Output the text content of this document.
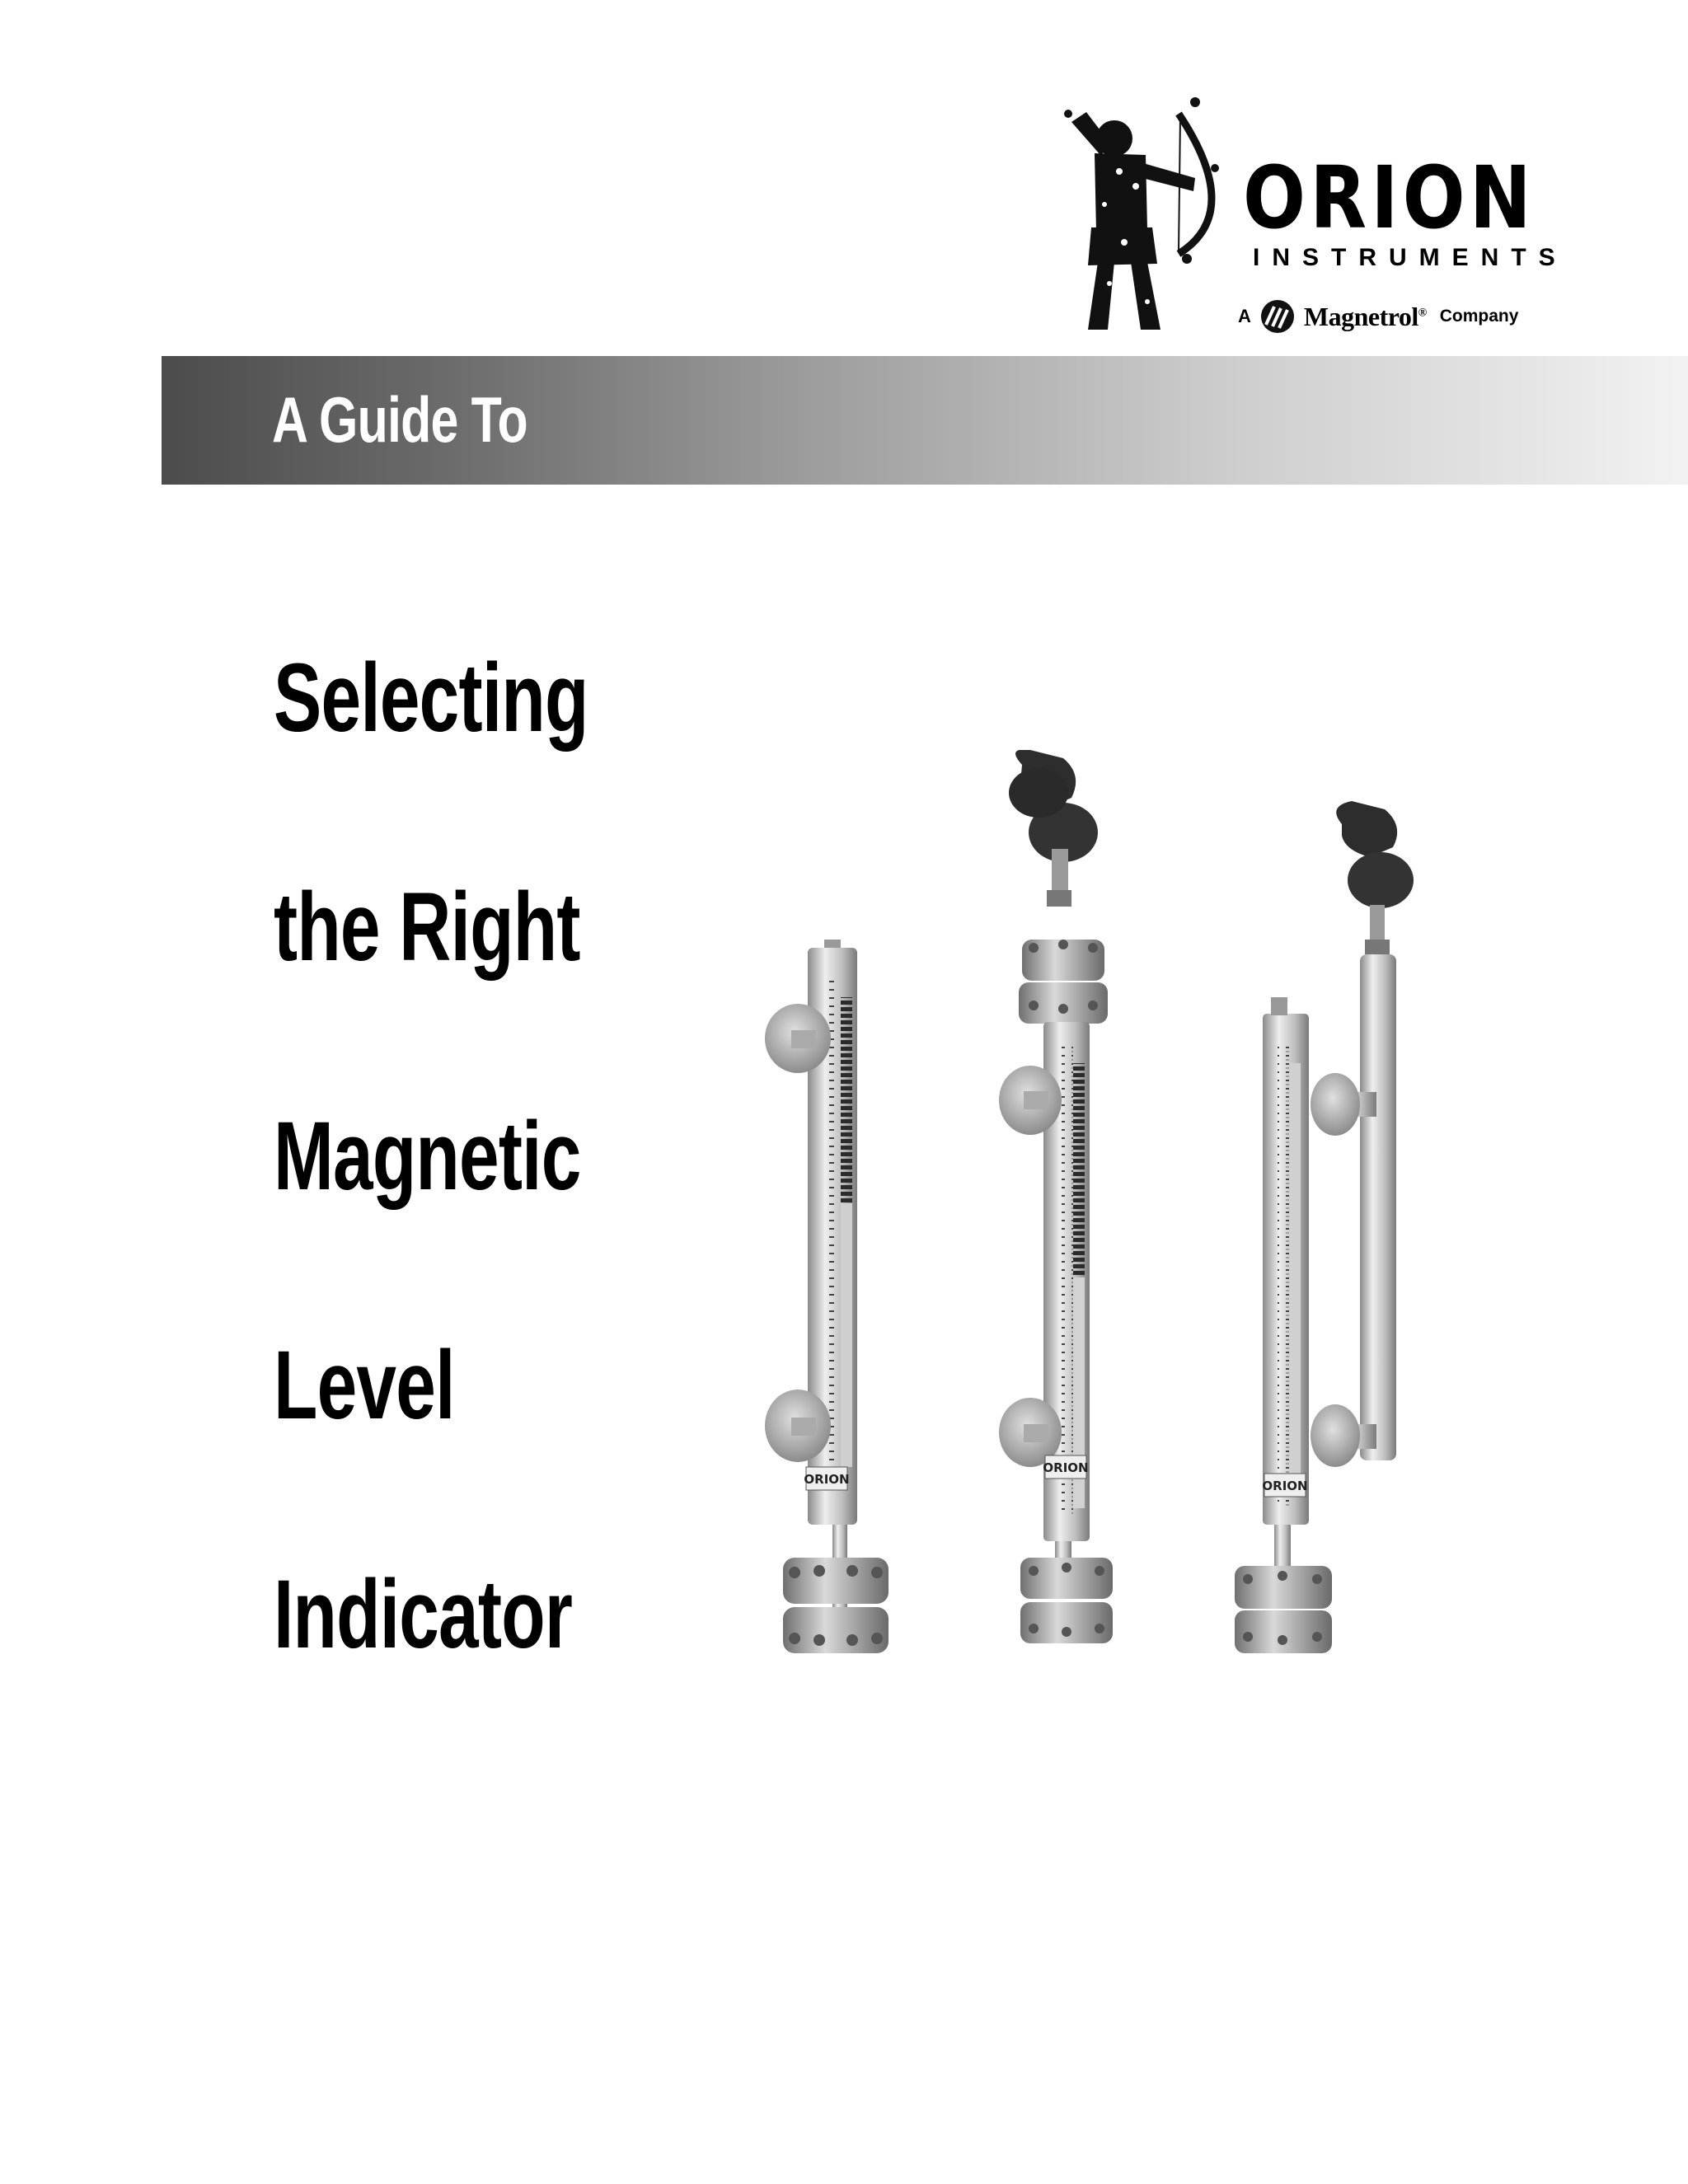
ORION
INSTRUMENTS
A Magnetrol® Company
A Guide To
Selecting
the Right
Magnetic
Level
Indicator
ORION
ORION
ORION
